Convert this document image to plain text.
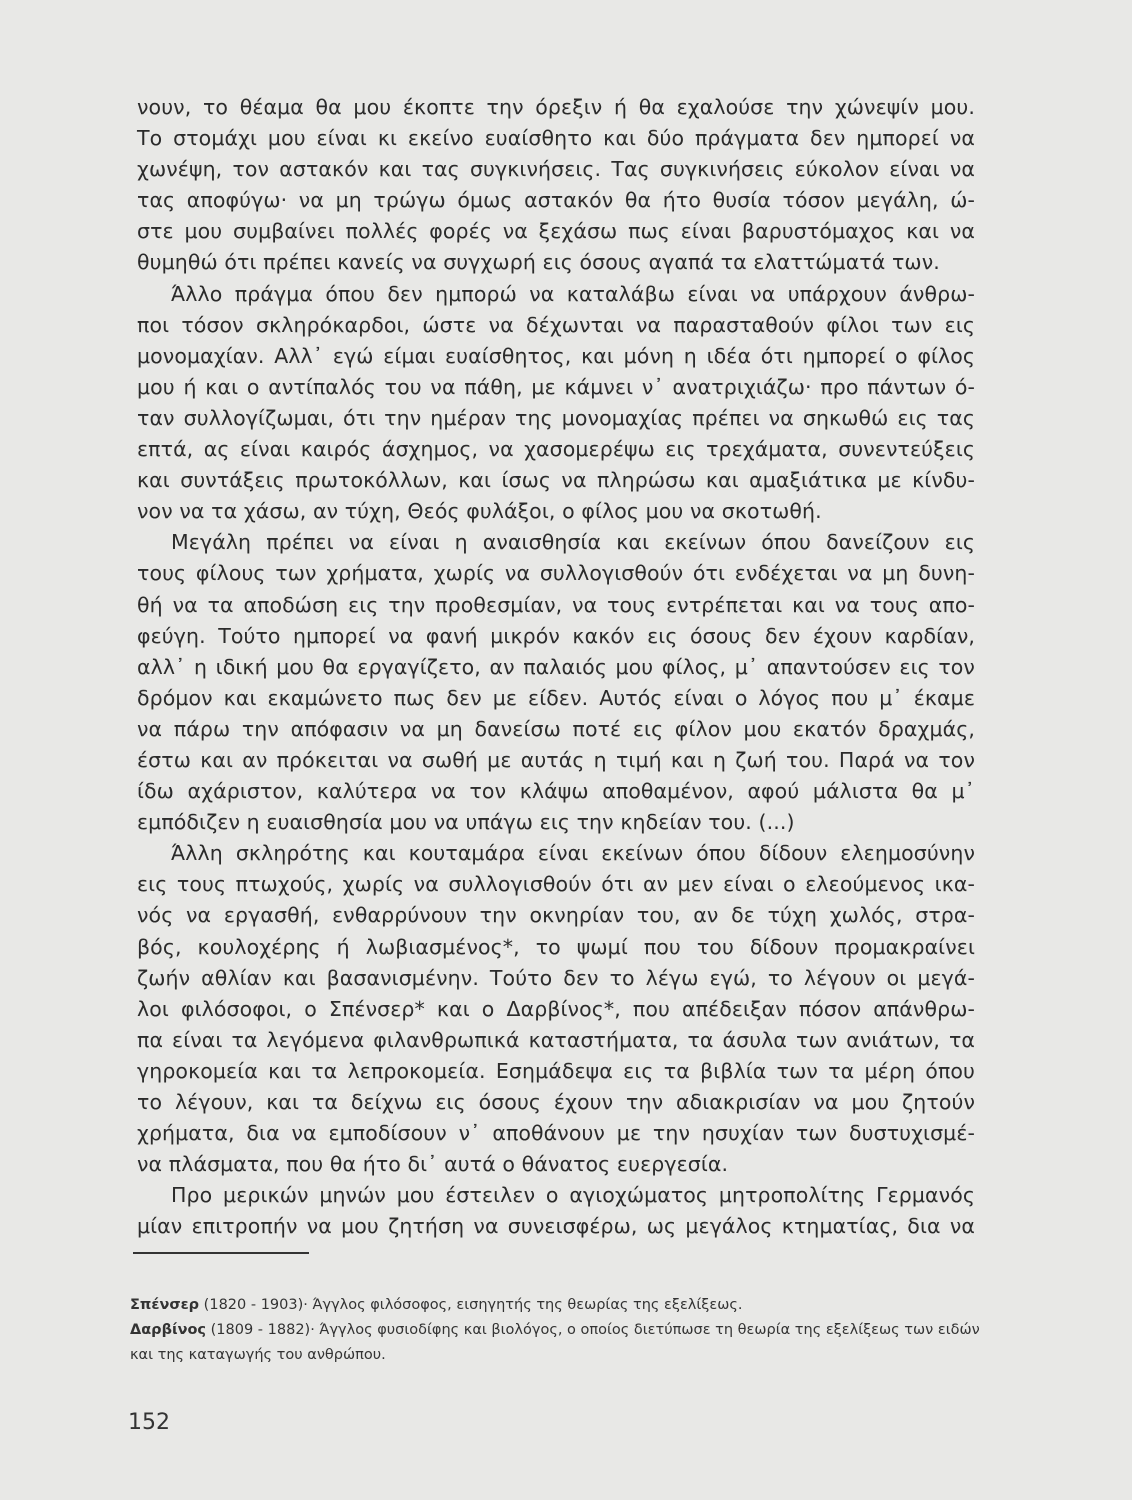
νουν, το θέαμα θα μου έκοπτε την όρεξιν ή θα εχαλούσε την χώνεψίν μου.
Το στομάχι μου είναι κι εκείνο ευαίσθητο και δύο πράγματα δεν ημπορεί να
χωνέψη, τον αστακόν και τας συγκινήσεις. Τας συγκινήσεις εύκολον είναι να
τας αποφύγω· να μη τρώγω όμως αστακόν θα ήτο θυσία τόσον μεγάλη, ώ-
στε μου συμβαίνει πολλές φορές να ξεχάσω πως είναι βαρυστόμαχος και να
θυμηθώ ότι πρέπει κανείς να συγχωρή εις όσους αγαπά τα ελαττώματά των.
Άλλο πράγμα όπου δεν ημπορώ να καταλάβω είναι να υπάρχουν άνθρω-
ποι τόσον σκληρόκαρδοι, ώστε να δέχωνται να παρασταθούν φίλοι των εις
μονομαχίαν. Αλλ᾽ εγώ είμαι ευαίσθητος, και μόνη η ιδέα ότι ημπορεί ο φίλος
μου ή και ο αντίπαλός του να πάθη, με κάμνει ν᾽ ανατριχιάζω· προ πάντων ό-
ταν συλλογίζωμαι, ότι την ημέραν της μονομαχίας πρέπει να σηκωθώ εις τας
επτά, ας είναι καιρός άσχημος, να χασομερέψω εις τρεχάματα, συνεντεύξεις
και συντάξεις πρωτοκόλλων, και ίσως να πληρώσω και αμαξιάτικα με κίνδυ-
νον να τα χάσω, αν τύχη, Θεός φυλάξοι, ο φίλος μου να σκοτωθή.
Μεγάλη πρέπει να είναι η αναισθησία και εκείνων όπου δανείζουν εις
τους φίλους των χρήματα, χωρίς να συλλογισθούν ότι ενδέχεται να μη δυνη-
θή να τα αποδώση εις την προθεσμίαν, να τους εντρέπεται και να τους απο-
φεύγη. Τούτο ημπορεί να φανή μικρόν κακόν εις όσους δεν έχουν καρδίαν,
αλλ᾽ η ιδική μου θα εργαγίζετο, αν παλαιός μου φίλος, μ᾽ απαντούσεν εις τον
δρόμον και εκαμώνετο πως δεν με είδεν. Αυτός είναι ο λόγος που μ᾽ έκαμε
να πάρω την απόφασιν να μη δανείσω ποτέ εις φίλον μου εκατόν δραχμάς,
έστω και αν πρόκειται να σωθή με αυτάς η τιμή και η ζωή του. Παρά να τον
ίδω αχάριστον, καλύτερα να τον κλάψω αποθαμένον, αφού μάλιστα θα μ᾽
εμπόδιζεν η ευαισθησία μου να υπάγω εις την κηδείαν του. (...)
Άλλη σκληρότης και κουταμάρα είναι εκείνων όπου δίδουν ελεημοσύνην
εις τους πτωχούς, χωρίς να συλλογισθούν ότι αν μεν είναι ο ελεούμενος ικα-
νός να εργασθή, ενθαρρύνουν την οκνηρίαν του, αν δε τύχη χωλός, στρα-
βός, κουλοχέρης ή λωβιασμένος*, το ψωμί που του δίδουν προμακραίνει
ζωήν αθλίαν και βασανισμένην. Τούτο δεν το λέγω εγώ, το λέγουν οι μεγά-
λοι φιλόσοφοι, ο Σπένσερ* και ο Δαρβίνος*, που απέδειξαν πόσον απάνθρω-
πα είναι τα λεγόμενα φιλανθρωπικά καταστήματα, τα άσυλα των ανιάτων, τα
γηροκομεία και τα λεπροκομεία. Εσημάδεψα εις τα βιβλία των τα μέρη όπου
το λέγουν, και τα δείχνω εις όσους έχουν την αδιακρισίαν να μου ζητούν
χρήματα, δια να εμποδίσουν ν᾽ αποθάνουν με την ησυχίαν των δυστυχισμέ-
να πλάσματα, που θα ήτο δι᾽ αυτά ο θάνατος ευεργεσία.
Προ μερικών μηνών μου έστειλεν ο αγιοχώματος μητροπολίτης Γερμανός
μίαν επιτροπήν να μου ζητήση να συνεισφέρω, ως μεγάλος κτηματίας, δια να
Σπένσερ (1820 - 1903)· Άγγλος φιλόσοφος, εισηγητής της θεωρίας της εξελίξεως.
Δαρβίνος (1809 - 1882)· Άγγλος φυσιοδίφης και βιολόγος, ο οποίος διετύπωσε τη θεωρία της εξελίξεως των ειδών και της καταγωγής του ανθρώπου.
152
